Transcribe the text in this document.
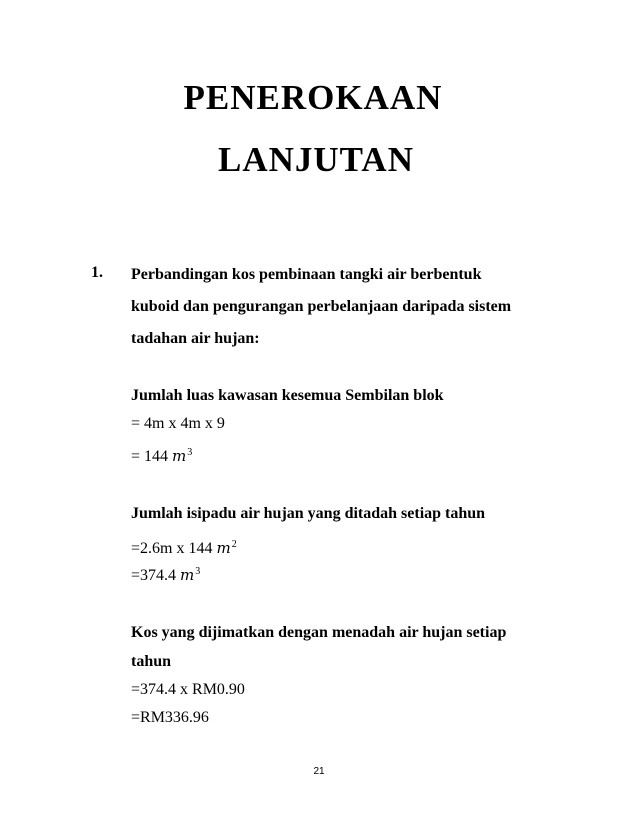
PENEROKAAN
LANJUTAN
1. Perbandingan kos pembinaan tangki air berbentuk
kuboid dan pengurangan perbelanjaan daripada sistem
tadahan air hujan:
Jumlah luas kawasan kesemua Sembilan blok
= 4m x 4m x 9
= 144 $m^3$
Jumlah isipadu air hujan yang ditadah setiap tahun
=2.6m x 144 $m^2$
=374.4 $m^3$
Kos yang dijimatkan dengan menadah air hujan setiap
tahun
=374.4 x RM0.90
=RM336.96
21
